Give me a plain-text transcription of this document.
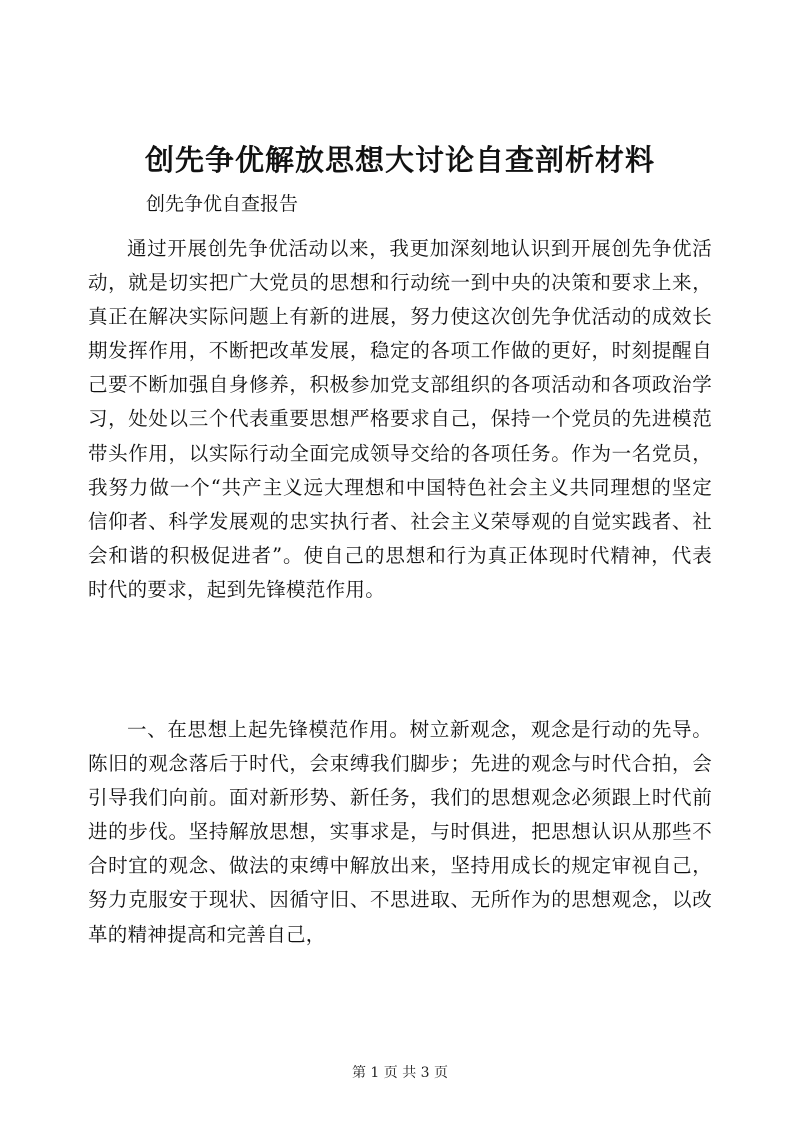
创先争优解放思想大讨论自查剖析材料

创先争优自查报告

通过开展创先争优活动以来，我更加深刻地认识到开展创先争优活动，就是切实把广大党员的思想和行动统一到中央的决策和要求上来，真正在解决实际问题上有新的进展，努力使这次创先争优活动的成效长期发挥作用，不断把改革发展，稳定的各项工作做的更好，时刻提醒自己要不断加强自身修养，积极参加党支部组织的各项活动和各项政治学习，处处以三个代表重要思想严格要求自己，保持一个党员的先进模范带头作用，以实际行动全面完成领导交给的各项任务。作为一名党员，我努力做一个“共产主义远大理想和中国特色社会主义共同理想的坚定信仰者、科学发展观的忠实执行者、社会主义荣辱观的自觉实践者、社会和谐的积极促进者”。使自己的思想和行为真正体现时代精神，代表时代的要求，起到先锋模范作用。

一、在思想上起先锋模范作用。树立新观念，观念是行动的先导。陈旧的观念落后于时代，会束缚我们脚步；先进的观念与时代合拍，会引导我们向前。面对新形势、新任务，我们的思想观念必须跟上时代前进的步伐。坚持解放思想，实事求是，与时俱进，把思想认识从那些不合时宜的观念、做法的束缚中解放出来，坚持用成长的规定审视自己，努力克服安于现状、因循守旧、不思进取、无所作为的思想观念，以改革的精神提高和完善自己，

第 1 页 共 3 页
